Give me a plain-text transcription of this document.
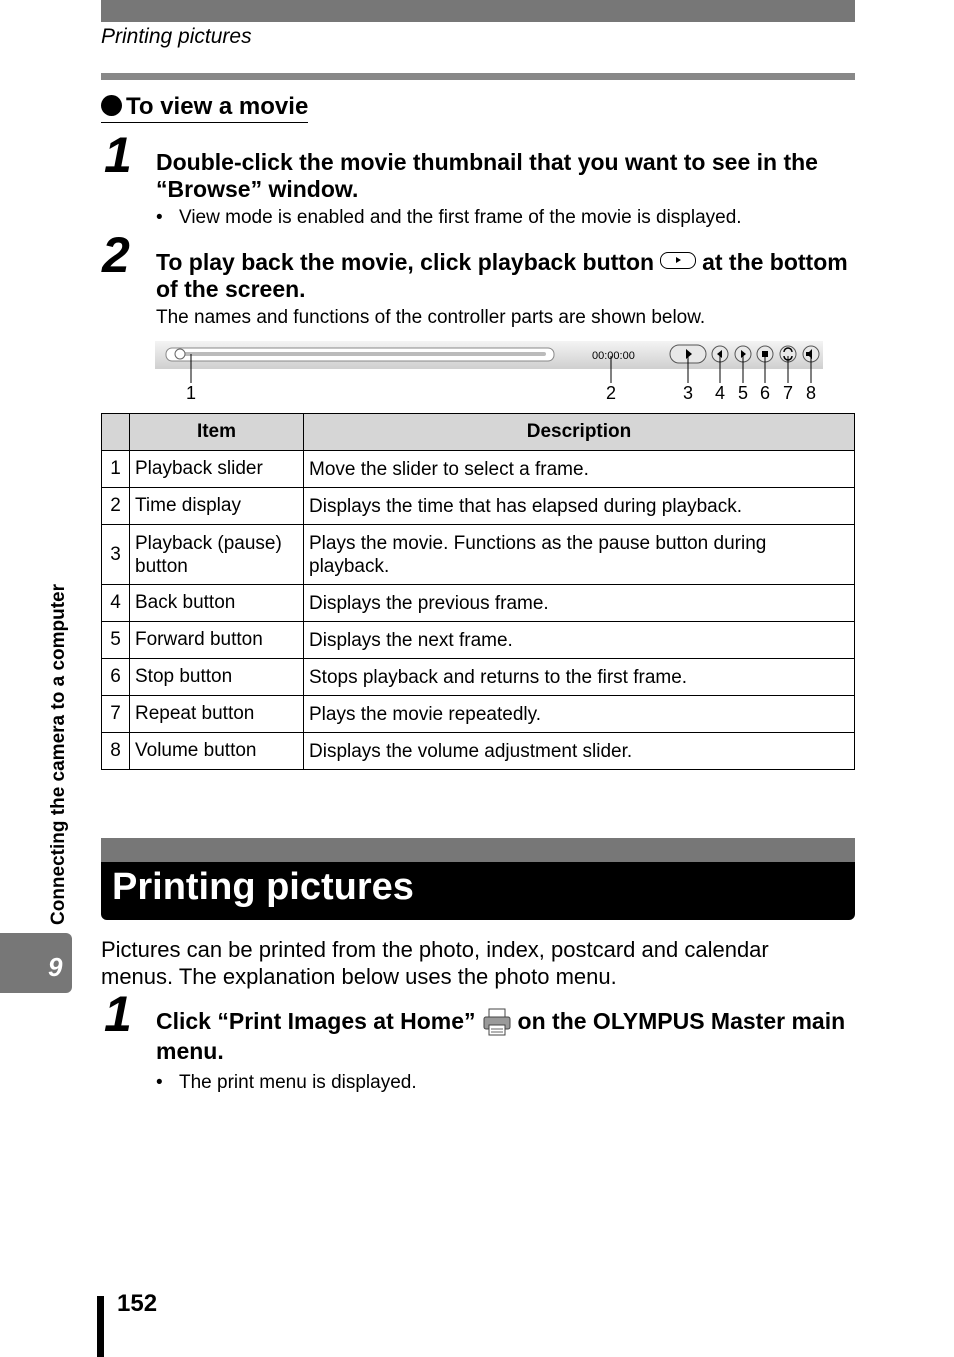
Printing pictures
To view a movie
1 Double-click the movie thumbnail that you want to see in the “Browse” window.
• View mode is enabled and the first frame of the movie is displayed.
2 To play back the movie, click playback button at the bottom of the screen.
The names and functions of the controller parts are shown below.
00:00:00
1	2	3 4 5 6 7 8
	Item	Description
1	Playback slider	Move the slider to select a frame.
2	Time display	Displays the time that has elapsed during playback.
3	Playback (pause) button	Plays the movie. Functions as the pause button during playback.
4	Back button	Displays the previous frame.
5	Forward button	Displays the next frame.
6	Stop button	Stops playback and returns to the first frame.
7	Repeat button	Plays the movie repeatedly.
8	Volume button	Displays the volume adjustment slider.
Printing pictures
Pictures can be printed from the photo, index, postcard and calendar menus. The explanation below uses the photo menu.
1 Click “Print Images at Home” on the OLYMPUS Master main menu.
• The print menu is displayed.
Connecting the camera to a computer
9
152
